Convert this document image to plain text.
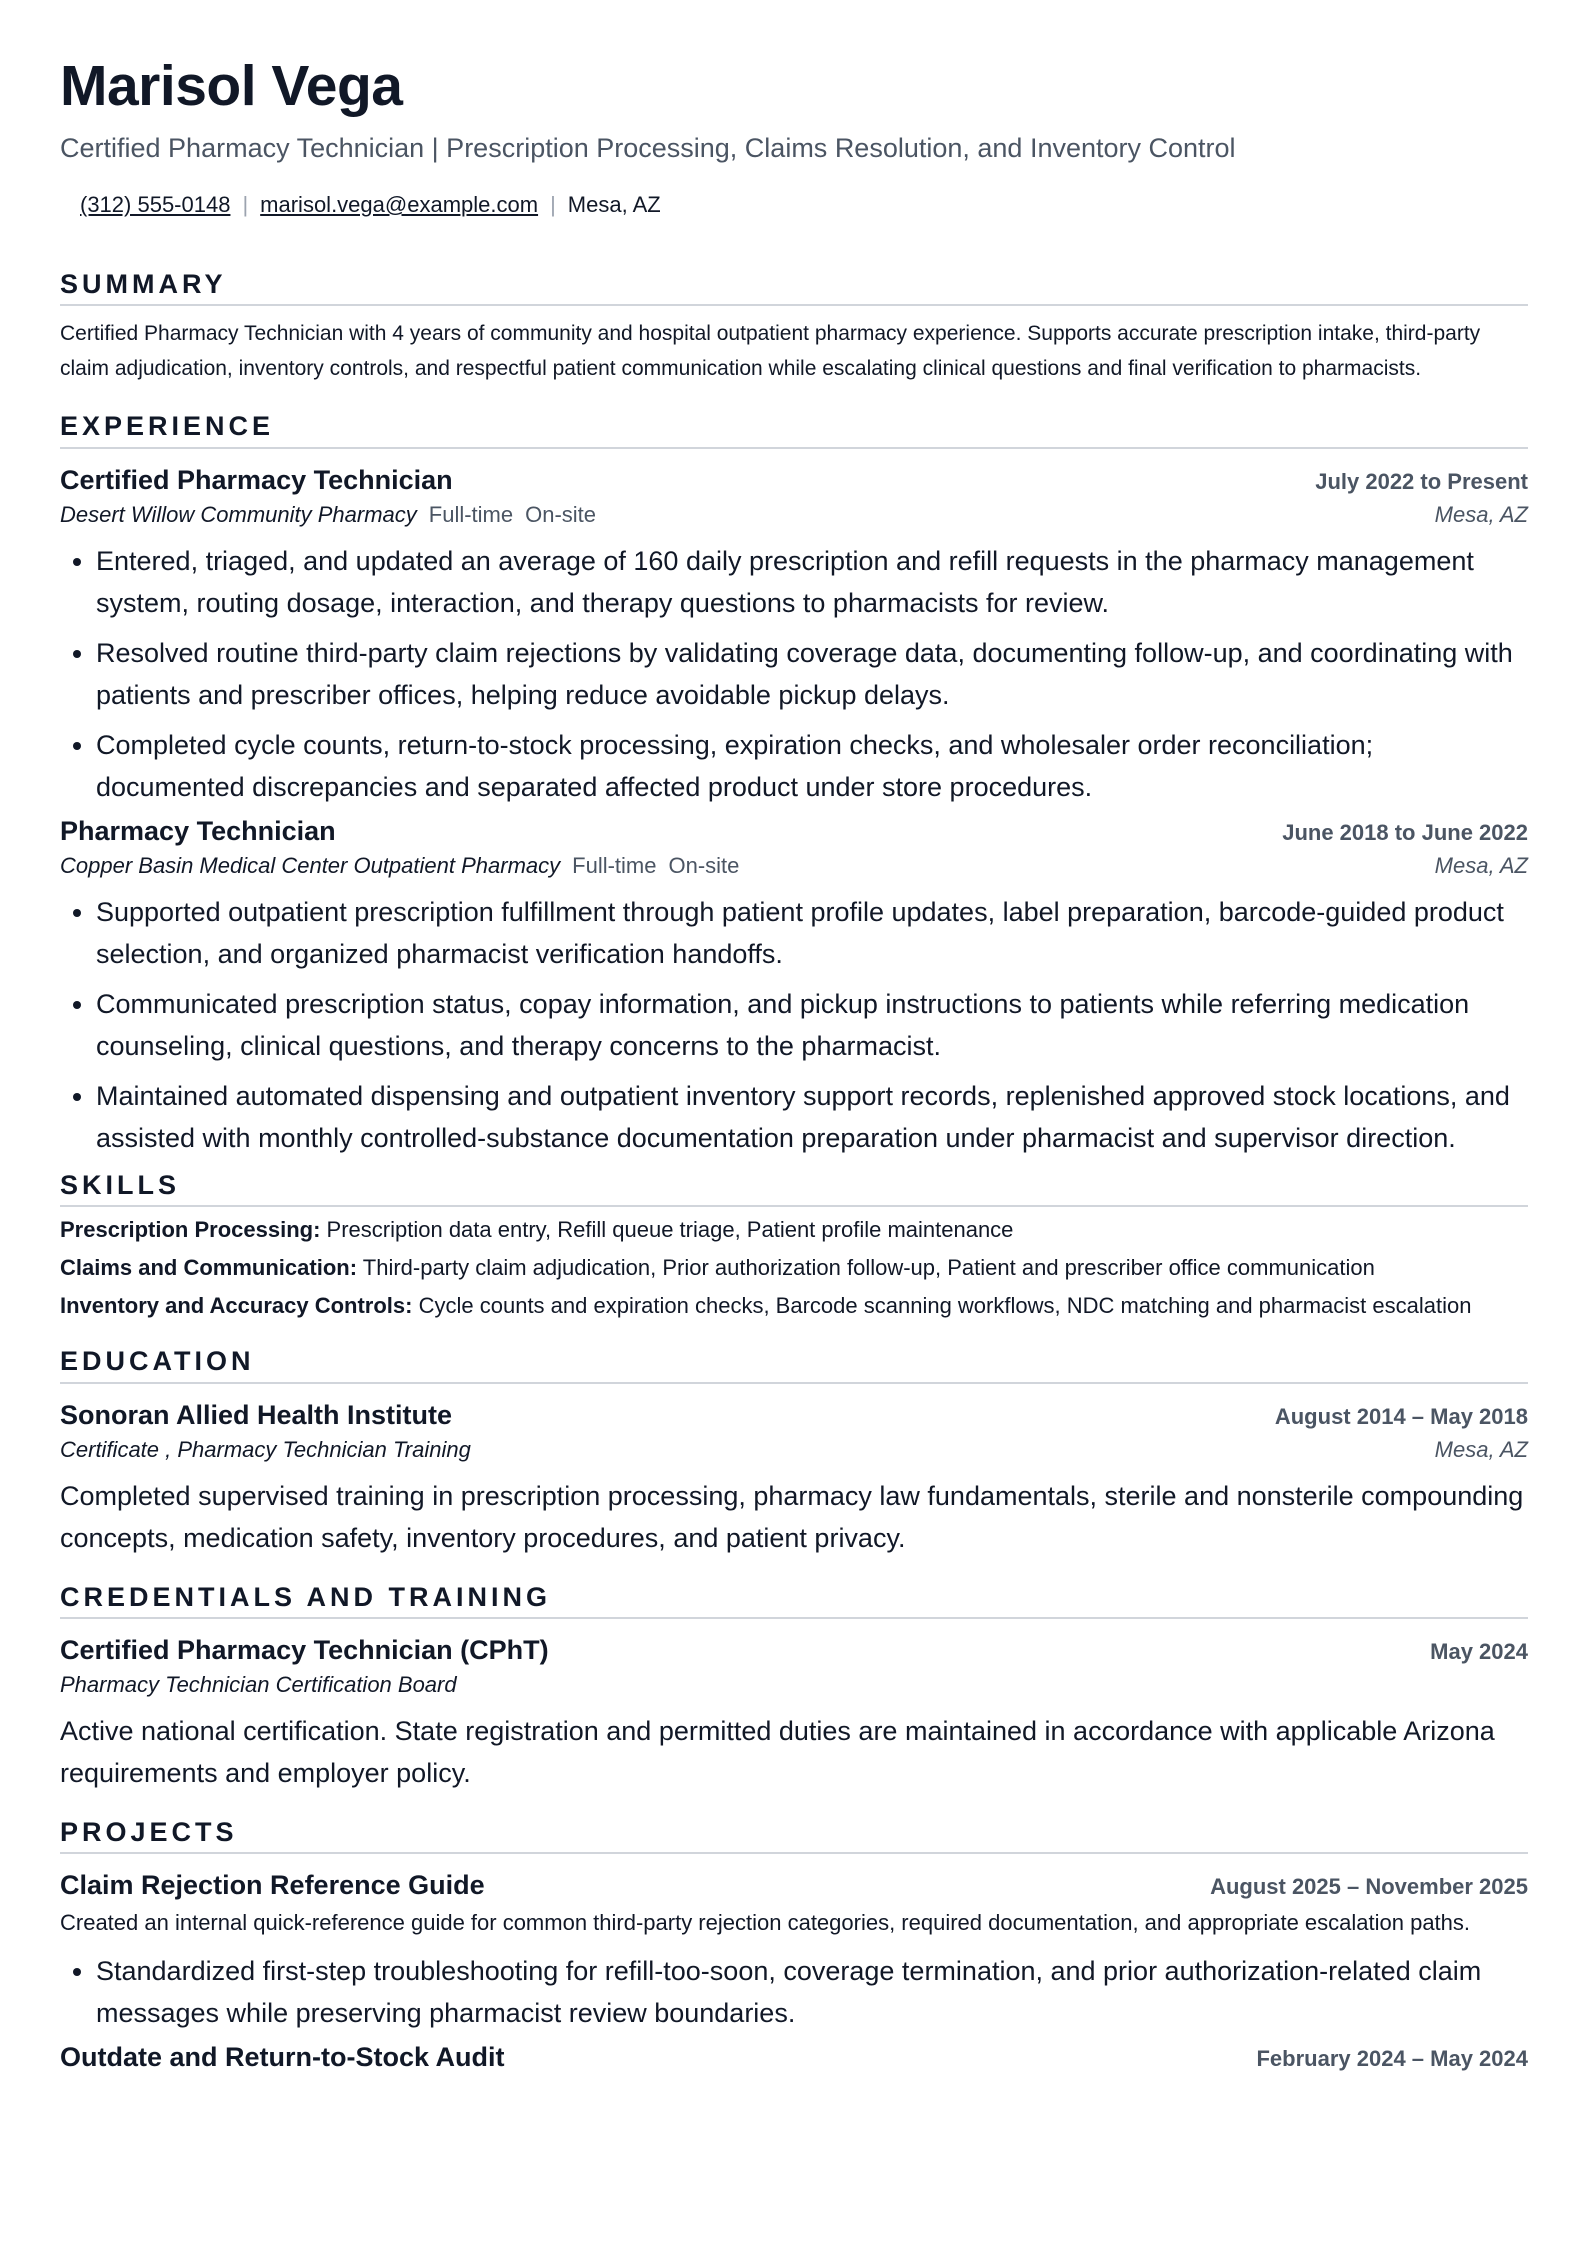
Marisol Vega
Certified Pharmacy Technician | Prescription Processing, Claims Resolution, and Inventory Control
(312) 555-0148 | marisol.vega@example.com | Mesa, AZ
SUMMARY

Certified Pharmacy Technician with 4 years of community and hospital outpatient pharmacy experience. Supports accurate prescription intake, third-party claim adjudication, inventory controls, and respectful patient communication while escalating clinical questions and final verification to pharmacists.

EXPERIENCE
Certified Pharmacy Technician	July 2022 to Present
Desert Willow Community Pharmacy Full-time On-site	Mesa, AZ
• Entered, triaged, and updated an average of 160 daily prescription and refill requests in the pharmacy management system, routing dosage, interaction, and therapy questions to pharmacists for review.
• Resolved routine third-party claim rejections by validating coverage data, documenting follow-up, and coordinating with patients and prescriber offices, helping reduce avoidable pickup delays.
• Completed cycle counts, return-to-stock processing, expiration checks, and wholesaler order reconciliation; documented discrepancies and separated affected product under store procedures.
Pharmacy Technician	June 2018 to June 2022
Copper Basin Medical Center Outpatient Pharmacy Full-time On-site	Mesa, AZ
• Supported outpatient prescription fulfillment through patient profile updates, label preparation, barcode-guided product selection, and organized pharmacist verification handoffs.
• Communicated prescription status, copay information, and pickup instructions to patients while referring medication counseling, clinical questions, and therapy concerns to the pharmacist.
• Maintained automated dispensing and outpatient inventory support records, replenished approved stock locations, and assisted with monthly controlled-substance documentation preparation under pharmacist and supervisor direction.
SKILLS
Prescription Processing: Prescription data entry, Refill queue triage, Patient profile maintenance
Claims and Communication: Third-party claim adjudication, Prior authorization follow-up, Patient and prescriber office communication
Inventory and Accuracy Controls: Cycle counts and expiration checks, Barcode scanning workflows, NDC matching and pharmacist escalation
EDUCATION
Sonoran Allied Health Institute	August 2014 – May 2018
Certificate , Pharmacy Technician Training	Mesa, AZ

Completed supervised training in prescription processing, pharmacy law fundamentals, sterile and nonsterile compounding concepts, medication safety, inventory procedures, and patient privacy.

CREDENTIALS AND TRAINING
Certified Pharmacy Technician (CPhT)	May 2024
Pharmacy Technician Certification Board

Active national certification. State registration and permitted duties are maintained in accordance with applicable Arizona requirements and employer policy.

PROJECTS
Claim Rejection Reference Guide	August 2025 – November 2025

Created an internal quick-reference guide for common third-party rejection categories, required documentation, and appropriate escalation paths.

• Standardized first-step troubleshooting for refill-too-soon, coverage termination, and prior authorization-related claim messages while preserving pharmacist review boundaries.
Outdate and Return-to-Stock Audit	February 2024 – May 2024
